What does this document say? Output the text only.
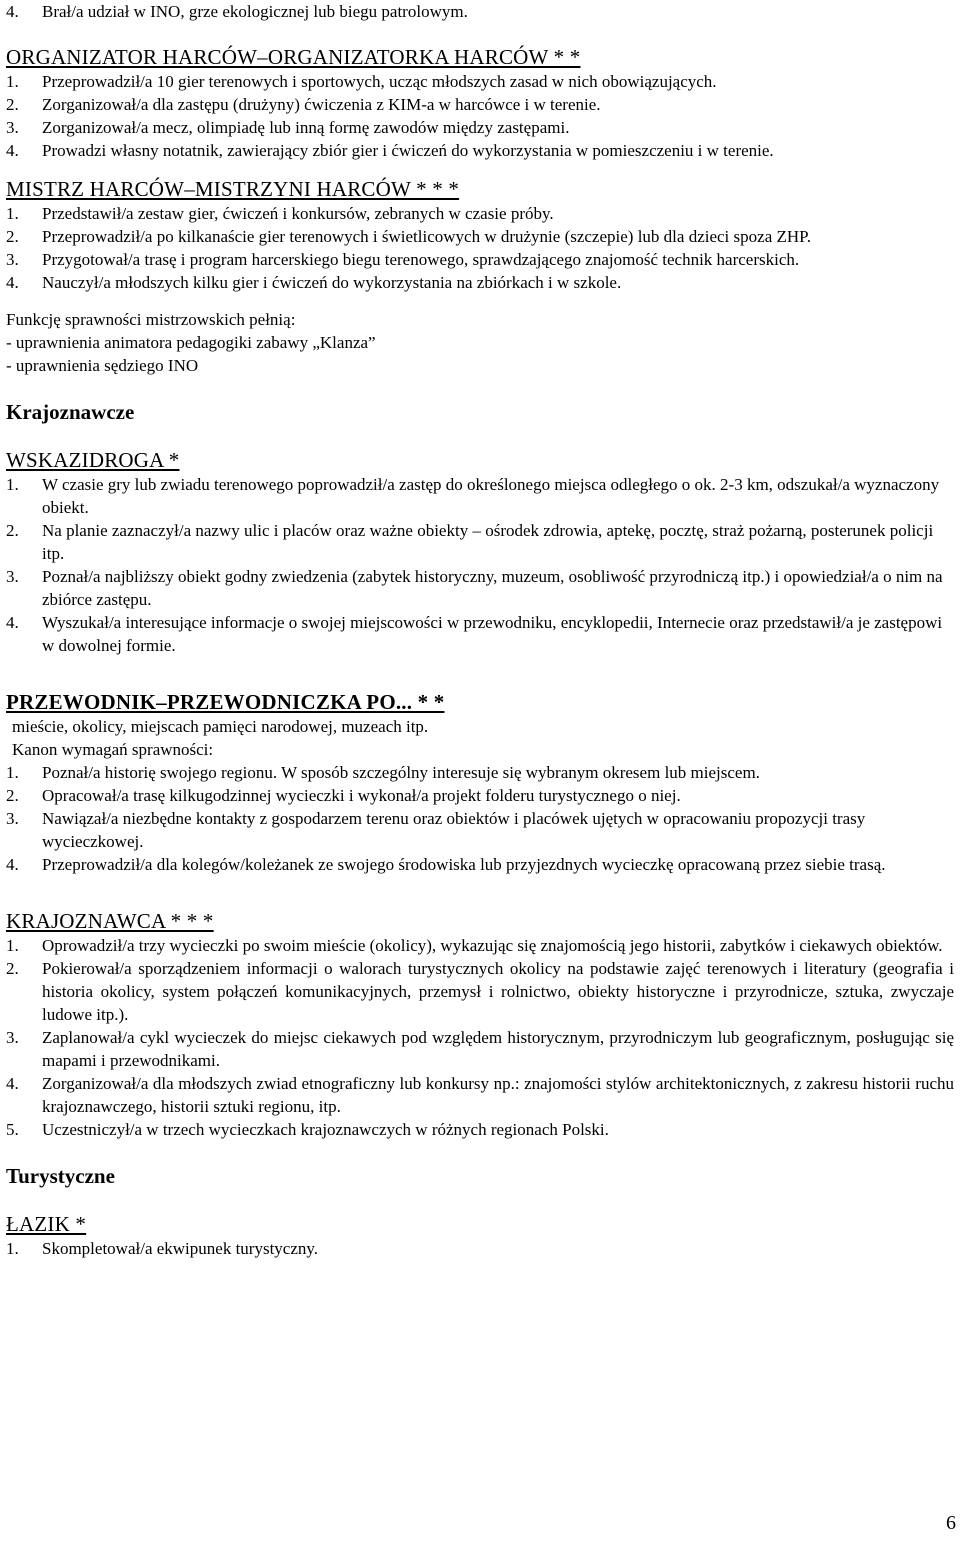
4.	Brał/a udział w INO, grze ekologicznej lub biegu patrolowym.
ORGANIZATOR HARCÓW–ORGANIZATORKA HARCÓW * *
1.	Przeprowadził/a 10 gier terenowych i sportowych, ucząc młodszych zasad w nich obowiązujących.
2.	Zorganizował/a dla zastępu (drużyny) ćwiczenia z KIM-a w harcówce i w terenie.
3.	Zorganizował/a mecz, olimpiadę lub inną formę zawodów między zastępami.
4.	Prowadzi własny notatnik, zawierający zbiór gier i ćwiczeń do wykorzystania w pomieszczeniu i w terenie.
MISTRZ HARCÓW–MISTRZYNI HARCÓW * * *
1.	Przedstawił/a zestaw gier, ćwiczeń i konkursów, zebranych w czasie próby.
2.	Przeprowadził/a po kilkanaście gier terenowych i świetlicowych w drużynie (szczepie) lub dla dzieci spoza ZHP.
3.	Przygotował/a trasę i program harcerskiego biegu terenowego, sprawdzającego znajomość technik harcerskich.
4.	Nauczył/a młodszych kilku gier i ćwiczeń do wykorzystania na zbiórkach i w szkole.
Funkcję sprawności mistrzowskich pełnią:
- uprawnienia animatora pedagogiki zabawy „Klanza”
- uprawnienia sędziego INO
Krajoznawcze
WSKAZIDROGA *
1.	W czasie gry lub zwiadu terenowego poprowadził/a zastęp do określonego miejsca odległego o ok. 2-3 km, odszukał/a wyznaczony obiekt.
2.	Na planie zaznaczył/a nazwy ulic i placów oraz ważne obiekty – ośrodek zdrowia, aptekę, pocztę, straż pożarną, posterunek policji itp.
3.	Poznał/a najbliższy obiekt godny zwiedzenia (zabytek historyczny, muzeum, osobliwość przyrodniczą itp.) i opowiedział/a o nim na zbiórce zastępu.
4.	Wyszukał/a interesujące informacje o swojej miejscowości w przewodniku, encyklopedii, Internecie oraz przedstawił/a je zastępowi w dowolnej formie.
PRZEWODNIK–PRZEWODNICZKA PO... * *
mieście, okolicy, miejscach pamięci narodowej, muzeach itp.
Kanon wymagań sprawności:
1.	Poznał/a historię swojego regionu. W sposób szczególny interesuje się wybranym okresem lub miejscem.
2.	Opracował/a trasę kilkugodzinnej wycieczki i wykonał/a projekt folderu turystycznego o niej.
3.	Nawiązał/a niezbędne kontakty z gospodarzem terenu oraz obiektów i placówek ujętych w opracowaniu propozycji trasy wycieczkowej.
4.	Przeprowadził/a dla kolegów/koleżanek ze swojego środowiska lub przyjezdnych wycieczkę opracowaną przez siebie trasą.
KRAJOZNAWCA * * *
1.	Oprowadził/a trzy wycieczki po swoim mieście (okolicy), wykazując się znajomością jego historii, zabytków i ciekawych obiektów.
2.	Pokierował/a sporządzeniem informacji o walorach turystycznych okolicy na podstawie zajęć terenowych i literatury (geografia i historia okolicy, system połączeń komunikacyjnych, przemysł i rolnictwo, obiekty historyczne i przyrodnicze, sztuka, zwyczaje ludowe itp.).
3.	Zaplanował/a cykl wycieczek do miejsc ciekawych pod względem historycznym, przyrodniczym lub geograficznym, posługując się mapami i przewodnikami.
4.	Zorganizował/a dla młodszych zwiad etnograficzny lub konkursy np.: znajomości stylów architektonicznych, z zakresu historii ruchu krajoznawczego, historii sztuki regionu, itp.
5.	Uczestniczył/a w trzech wycieczkach krajoznawczych w różnych regionach Polski.
Turystyczne
ŁAZIK *
1.	Skompletował/a ekwipunek turystyczny.
6
